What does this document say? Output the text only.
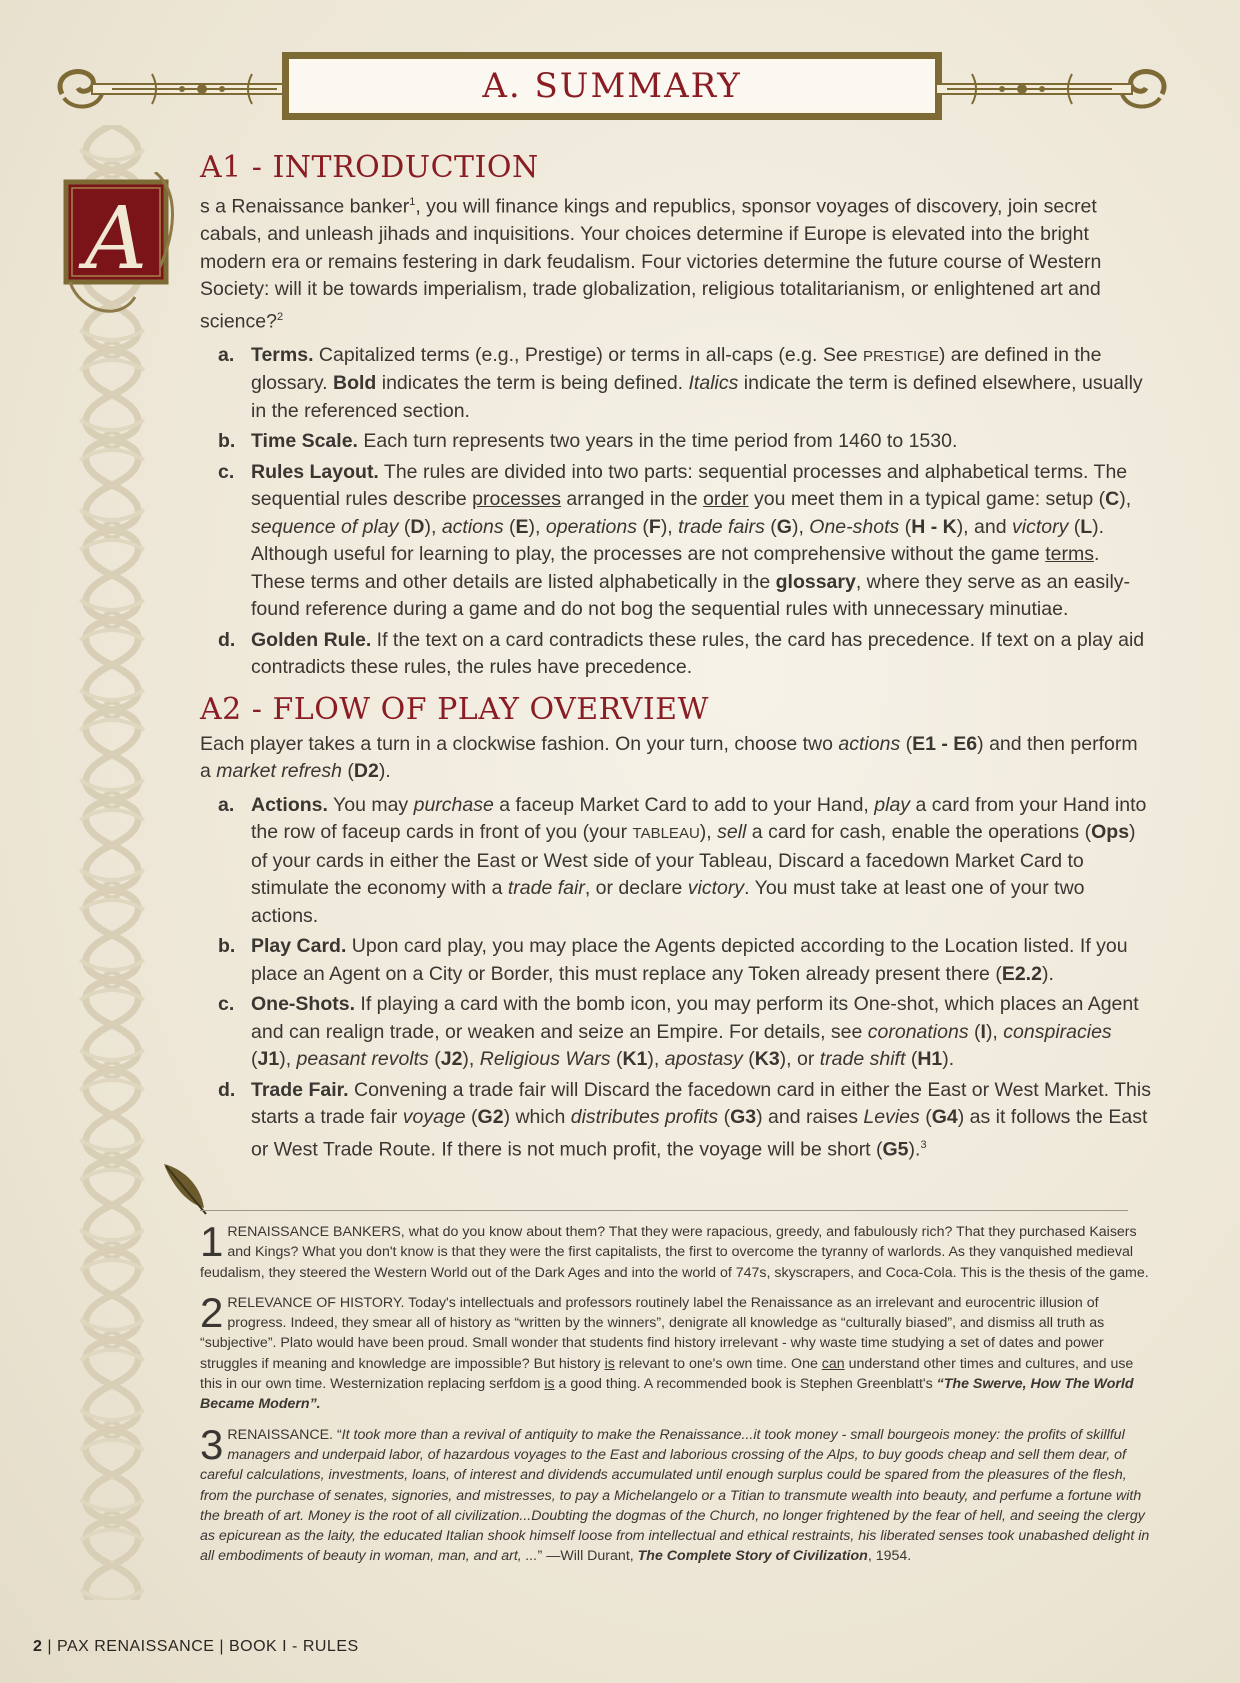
A. SUMMARY
A
A1 - INTRODUCTION

s a Renaissance banker$^1$, you will finance kings and republics, sponsor voyages of discovery, join secret cabals, and unleash jihads and inquisitions. Your choices determine if Europe is elevated into the bright modern era or remains festering in dark feudalism. Four victories determine the future course of Western Society: will it be towards imperialism, trade globalization, religious totalitarianism, or enlightened art and science?$^2$

a. Terms. Capitalized terms (e.g., Prestige) or terms in all-caps (e.g. See PRESTIGE) are defined in the glossary. Bold indicates the term is being defined. Italics indicate the term is defined elsewhere, usually in the referenced section.
b. Time Scale. Each turn represents two years in the time period from 1460 to 1530.
c. Rules Layout. The rules are divided into two parts: sequential processes and alphabetical terms. The sequential rules describe processes arranged in the order you meet them in a typical game: setup (C), sequence of play (D), actions (E), operations (F), trade fairs (G), One-shots (H - K), and victory (L). Although useful for learning to play, the processes are not comprehensive without the game terms. These terms and other details are listed alphabetically in the glossary, where they serve as an easily-found reference during a game and do not bog the sequential rules with unnecessary minutiae.
d. Golden Rule. If the text on a card contradicts these rules, the card has precedence. If text on a play aid contradicts these rules, the rules have precedence.
A2 - FLOW OF PLAY OVERVIEW

Each player takes a turn in a clockwise fashion. On your turn, choose two actions (E1 - E6) and then perform a market refresh (D2).

a. Actions. You may purchase a faceup Market Card to add to your Hand, play a card from your Hand into the row of faceup cards in front of you (your TABLEAU), sell a card for cash, enable the operations (Ops) of your cards in either the East or West side of your Tableau, Discard a facedown Market Card to stimulate the economy with a trade fair, or declare victory. You must take at least one of your two actions.
b. Play Card. Upon card play, you may place the Agents depicted according to the Location listed. If you place an Agent on a City or Border, this must replace any Token already present there (E2.2).
c. One-Shots. If playing a card with the bomb icon, you may perform its One-shot, which places an Agent and can realign trade, or weaken and seize an Empire. For details, see coronations (I), conspiracies (J1), peasant revolts (J2), Religious Wars (K1), apostasy (K3), or trade shift (H1).
d. Trade Fair. Convening a trade fair will Discard the facedown card in either the East or West Market. This starts a trade fair voyage (G2) which distributes profits (G3) and raises Levies (G4) as it follows the East or West Trade Route. If there is not much profit, the voyage will be short (G5).$^3$

1 RENAISSANCE BANKERS, what do you know about them? That they were rapacious, greedy, and fabulously rich? That they purchased Kaisers and Kings? What you don't know is that they were the first capitalists, the first to overcome the tyranny of warlords. As they vanquished medieval feudalism, they steered the Western World out of the Dark Ages and into the world of 747s, skyscrapers, and Coca-Cola. This is the thesis of the game.

2 RELEVANCE OF HISTORY. Today's intellectuals and professors routinely label the Renaissance as an irrelevant and eurocentric illusion of progress. Indeed, they smear all of history as “written by the winners”, denigrate all knowledge as “culturally biased”, and dismiss all truth as “subjective”. Plato would have been proud. Small wonder that students find history irrelevant - why waste time studying a set of dates and power struggles if meaning and knowledge are impossible? But history is relevant to one's own time. One can understand other times and cultures, and use this in our own time. Westernization replacing serfdom is a good thing. A recommended book is Stephen Greenblatt's “The Swerve, How The World Became Modern”.

3 RENAISSANCE. “It took more than a revival of antiquity to make the Renaissance...it took money - small bourgeois money: the profits of skillful managers and underpaid labor, of hazardous voyages to the East and laborious crossing of the Alps, to buy goods cheap and sell them dear, of careful calculations, investments, loans, of interest and dividends accumulated until enough surplus could be spared from the pleasures of the flesh, from the purchase of senates, signories, and mistresses, to pay a Michelangelo or a Titian to transmute wealth into beauty, and perfume a fortune with the breath of art. Money is the root of all civilization...Doubting the dogmas of the Church, no longer frightened by the fear of hell, and seeing the clergy as epicurean as the laity, the educated Italian shook himself loose from intellectual and ethical restraints, his liberated senses took unabashed delight in all embodiments of beauty in woman, man, and art, ...” —Will Durant, The Complete Story of Civilization, 1954.

2 | PAX RENAISSANCE | BOOK I - RULES
